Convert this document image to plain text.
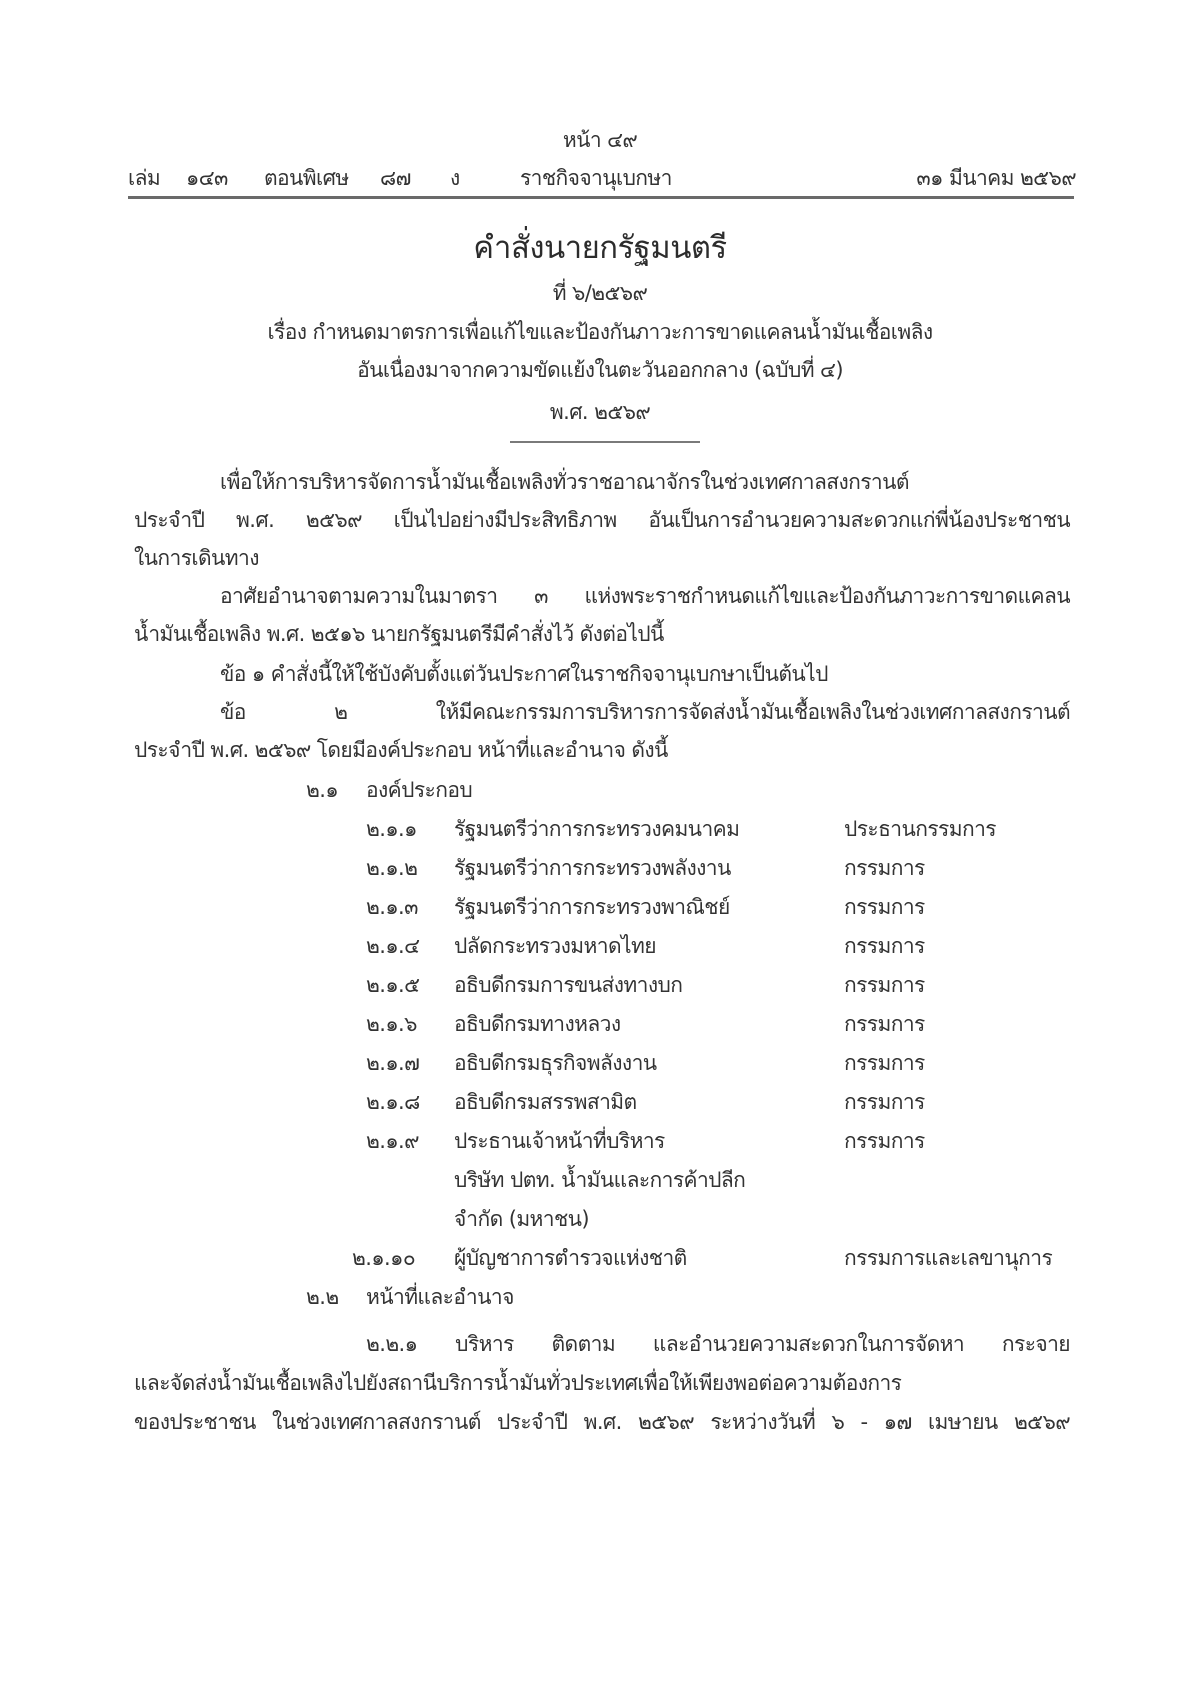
หน้า ๔๙
เล่ม ๑๔๓ ตอนพิเศษ ๘๗ ง	ราชกิจจานุเบกษา	๓๑ มีนาคม ๒๕๖๙
คำสั่งนายกรัฐมนตรี
ที่ ๖/๒๕๖๙
เรื่อง กำหนดมาตรการเพื่อแก้ไขและป้องกันภาวะการขาดแคลนน้ำมันเชื้อเพลิง
อันเนื่องมาจากความขัดแย้งในตะวันออกกลาง (ฉบับที่ ๔)
พ.ศ. ๒๕๖๙
เพื่อให้การบริหารจัดการน้ำมันเชื้อเพลิงทั่วราชอาณาจักรในช่วงเทศกาลสงกรานต์
ประจำปี พ.ศ. ๒๕๖๙ เป็นไปอย่างมีประสิทธิภาพ อันเป็นการอำนวยความสะดวกแก่พี่น้องประชาชน
ในการเดินทาง
อาศัยอำนาจตามความในมาตรา ๓ แห่งพระราชกำหนดแก้ไขและป้องกันภาวะการขาดแคลน
น้ำมันเชื้อเพลิง พ.ศ. ๒๕๑๖ นายกรัฐมนตรีมีคำสั่งไว้ ดังต่อไปนี้
ข้อ ๑ คำสั่งนี้ให้ใช้บังคับตั้งแต่วันประกาศในราชกิจจานุเบกษาเป็นต้นไป
ข้อ ๒ ให้มีคณะกรรมการบริหารการจัดส่งน้ำมันเชื้อเพลิงในช่วงเทศกาลสงกรานต์
ประจำปี พ.ศ. ๒๕๖๙ โดยมีองค์ประกอบ หน้าที่และอำนาจ ดังนี้
๒.๑ องค์ประกอบ
๒.๑.๑ รัฐมนตรีว่าการกระทรวงคมนาคม	ประธานกรรมการ
๒.๑.๒ รัฐมนตรีว่าการกระทรวงพลังงาน	กรรมการ
๒.๑.๓ รัฐมนตรีว่าการกระทรวงพาณิชย์	กรรมการ
๒.๑.๔ ปลัดกระทรวงมหาดไทย	กรรมการ
๒.๑.๕ อธิบดีกรมการขนส่งทางบก	กรรมการ
๒.๑.๖ อธิบดีกรมทางหลวง	กรรมการ
๒.๑.๗ อธิบดีกรมธุรกิจพลังงาน	กรรมการ
๒.๑.๘ อธิบดีกรมสรรพสามิต	กรรมการ
๒.๑.๙ ประธานเจ้าหน้าที่บริหาร	กรรมการ
บริษัท ปตท. น้ำมันและการค้าปลีก
จำกัด (มหาชน)
๒.๑.๑๐ ผู้บัญชาการตำรวจแห่งชาติ	กรรมการและเลขานุการ
๒.๒ หน้าที่และอำนาจ
๒.๒.๑ บริหาร ติดตาม และอำนวยความสะดวกในการจัดหา กระจาย
และจัดส่งน้ำมันเชื้อเพลิงไปยังสถานีบริการน้ำมันทั่วประเทศเพื่อให้เพียงพอต่อความต้องการ
ของประชาชน ในช่วงเทศกาลสงกรานต์ ประจำปี พ.ศ. ๒๕๖๙ ระหว่างวันที่ ๖ - ๑๗ เมษายน ๒๕๖๙
